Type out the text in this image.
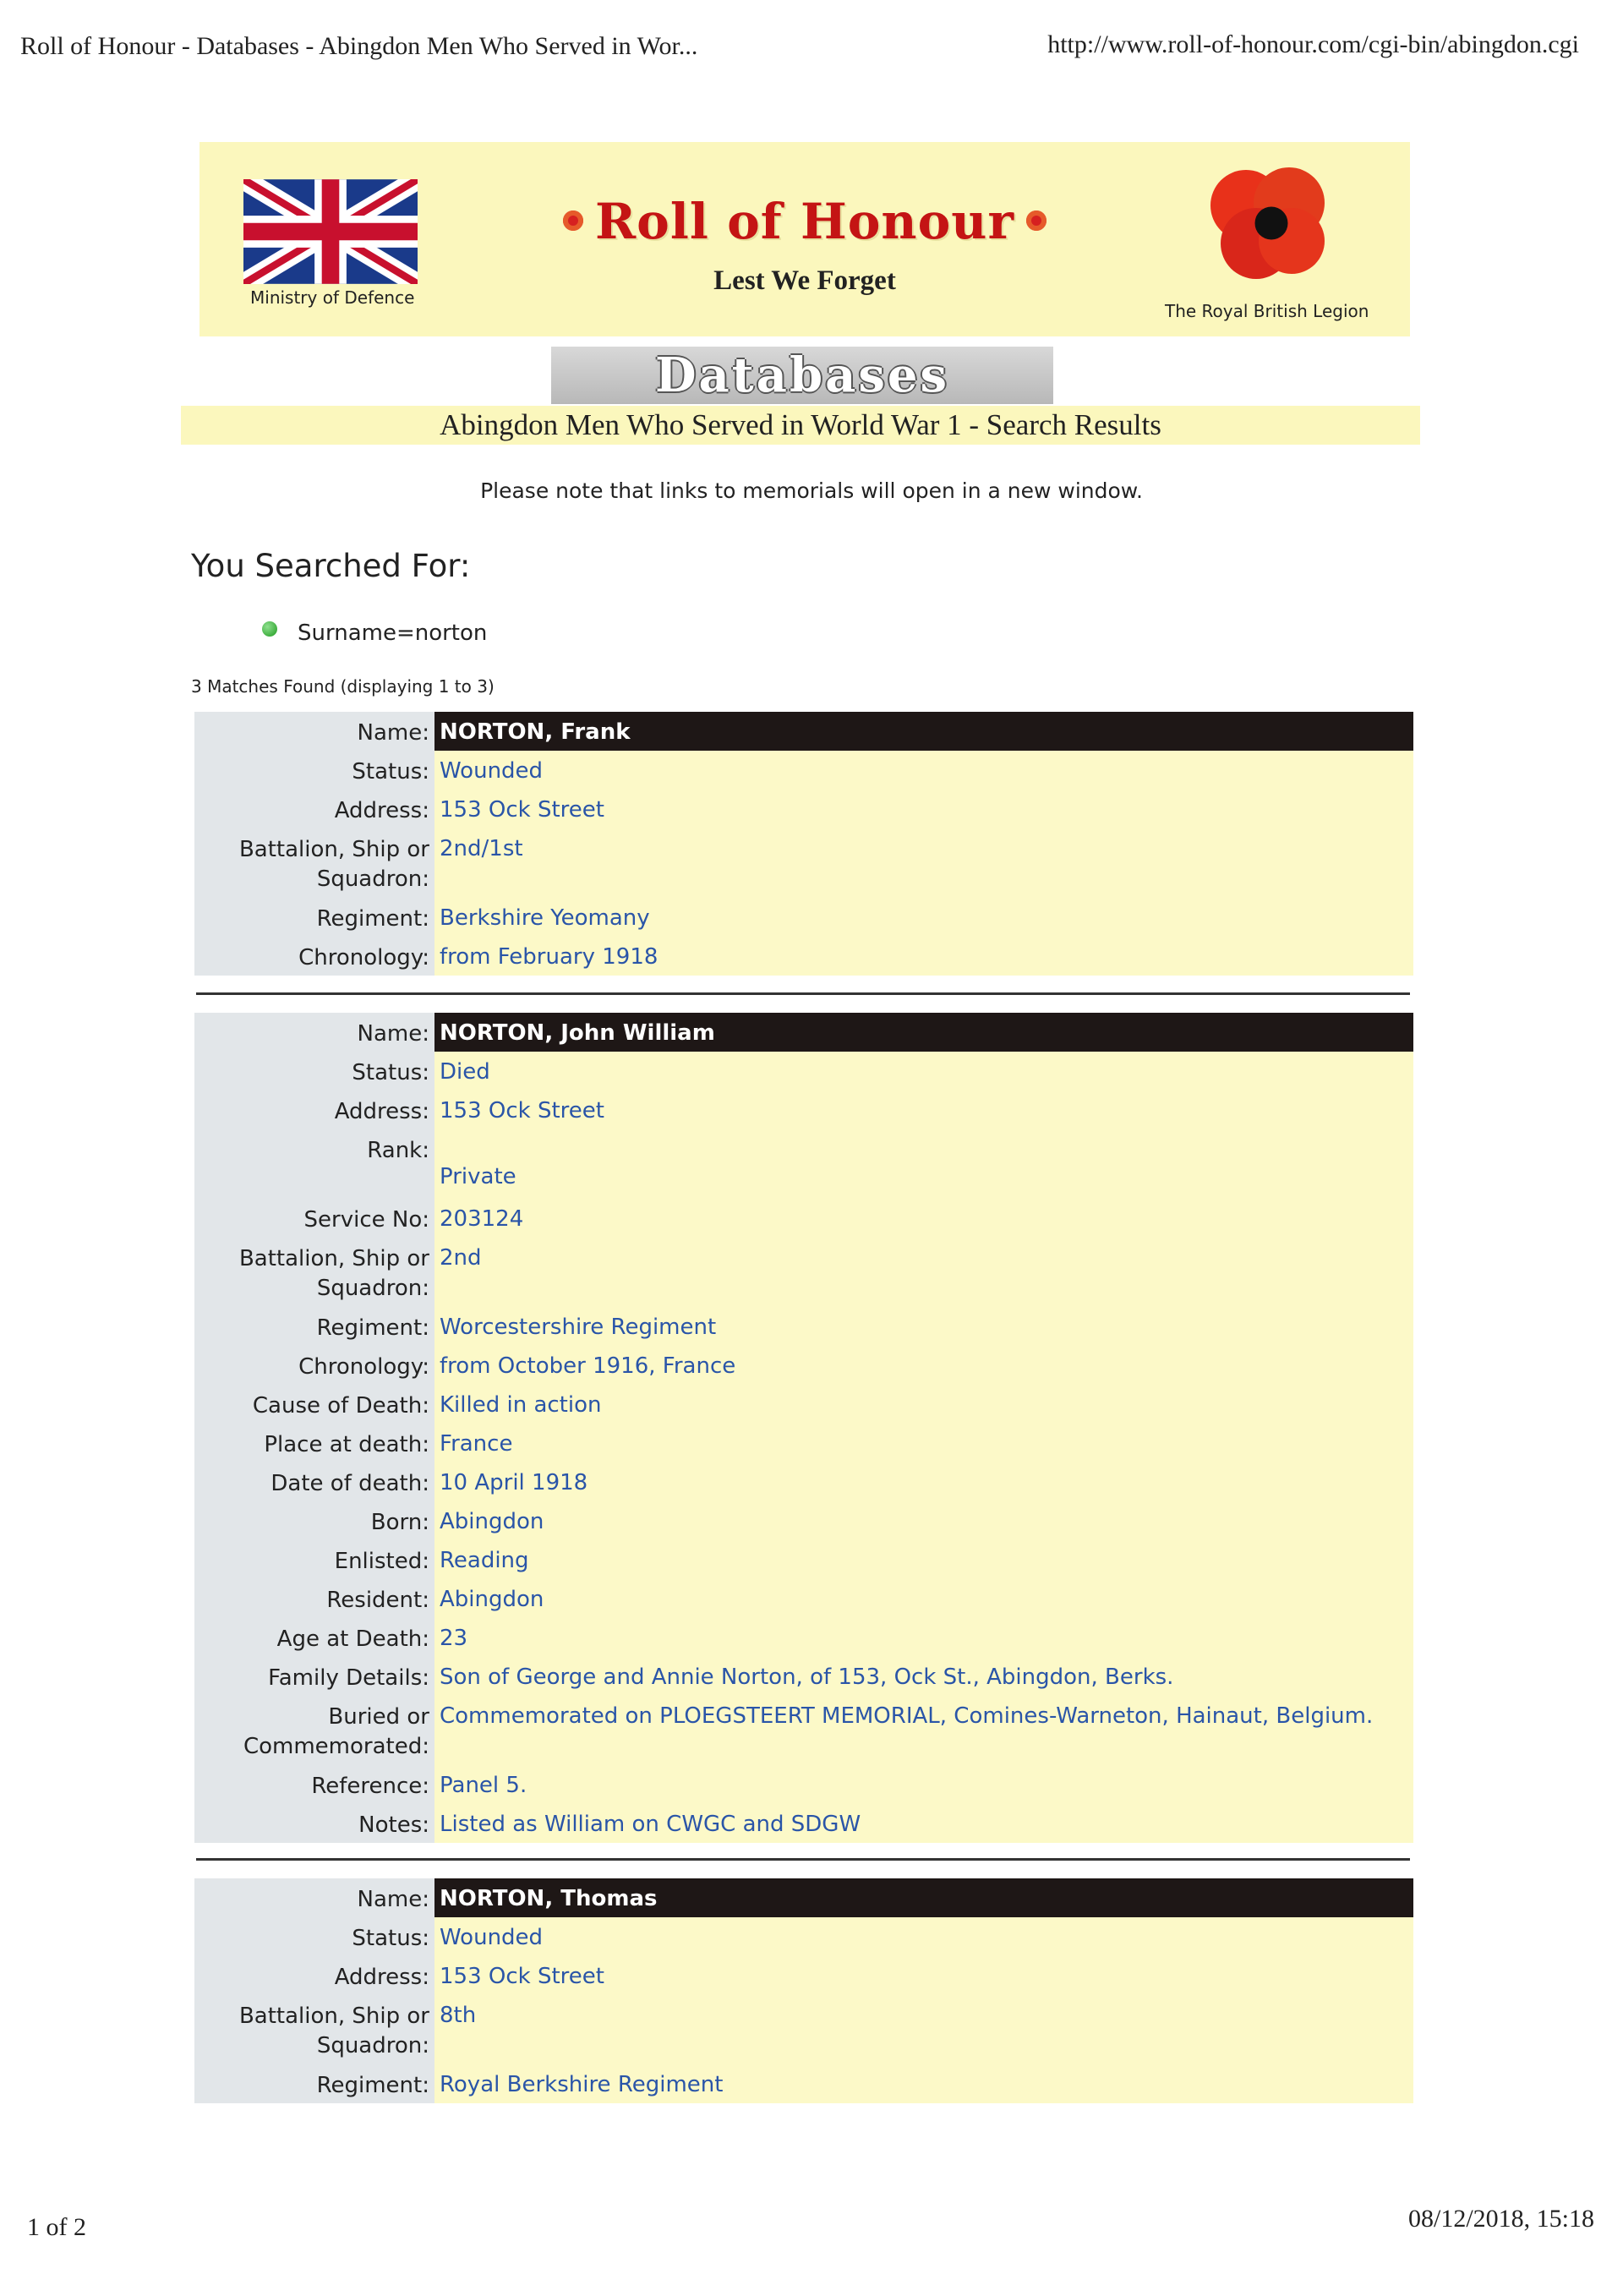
Roll of Honour - Databases - Abingdon Men Who Served in Wor...	http://www.roll-of-honour.com/cgi-bin/abingdon.cgi
Ministry of Defence
Roll of Honour
Lest We Forget
The Royal British Legion
Databases
Abingdon Men Who Served in World War 1 - Search Results
Please note that links to memorials will open in a new window.
You Searched For:
Surname=norton
3 Matches Found (displaying 1 to 3)
Name: NORTON, Frank
Status: Wounded
Address: 153 Ock Street
Battalion, Ship or Squadron:
2nd/1st
Regiment: Berkshire Yeomany
Chronology: from February 1918
Name: NORTON, John William
Status: Died
Address: 153 Ock Street
Rank:
Private
Service No: 203124
Battalion, Ship or Squadron:
2nd
Regiment: Worcestershire Regiment
Chronology: from October 1916, France
Cause of Death: Killed in action
Place at death: France
Date of death: 10 April 1918
Born: Abingdon
Enlisted: Reading
Resident: Abingdon
Age at Death: 23
Family Details: Son of George and Annie Norton, of 153, Ock St., Abingdon, Berks.
Buried or Commemorated:
Commemorated on PLOEGSTEERT MEMORIAL, Comines-Warneton, Hainaut, Belgium.
Reference: Panel 5.
Notes: Listed as William on CWGC and SDGW
Name: NORTON, Thomas
Status: Wounded
Address: 153 Ock Street
Battalion, Ship or Squadron:
8th
Regiment: Royal Berkshire Regiment
1 of 2	08/12/2018, 15:18
